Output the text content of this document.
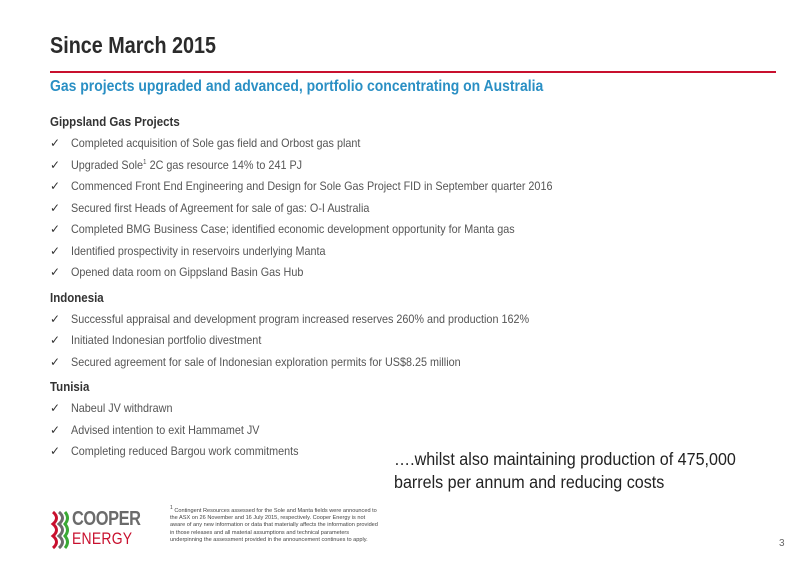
Since March 2015
Gas projects upgraded and advanced, portfolio concentrating on Australia
Gippsland Gas Projects
✓ Completed acquisition of Sole gas field and Orbost gas plant
✓ Upgraded Sole$^1$ 2C gas resource 14% to 241 PJ
✓ Commenced Front End Engineering and Design for Sole Gas Project FID in September quarter 2016
✓ Secured first Heads of Agreement for sale of gas: O-I Australia
✓ Completed BMG Business Case; identified economic development opportunity for Manta gas
✓ Identified prospectivity in reservoirs underlying Manta
✓ Opened data room on Gippsland Basin Gas Hub
Indonesia
✓ Successful appraisal and development program increased reserves 260% and production 162%
✓ Initiated Indonesian portfolio divestment
✓ Secured agreement for sale of Indonesian exploration permits for US$8.25 million
Tunisia
✓ Nabeul JV withdrawn
✓ Advised intention to exit Hammamet JV
✓ Completing reduced Bargou work commitments	….whilst also maintaining production of 475,000
barrels per annum and reducing costs
COOPER
ENERGY
$^1$ Contingent Resources assessed for the Sole and Manta fields were announced to the ASX on 26 November and 16 July 2015, respectively. Cooper Energy is not aware of any new information or data that materially affects the information provided in those releases and all material assumptions and technical parameters underpinning the assessment provided in the announcement continues to apply.	3
